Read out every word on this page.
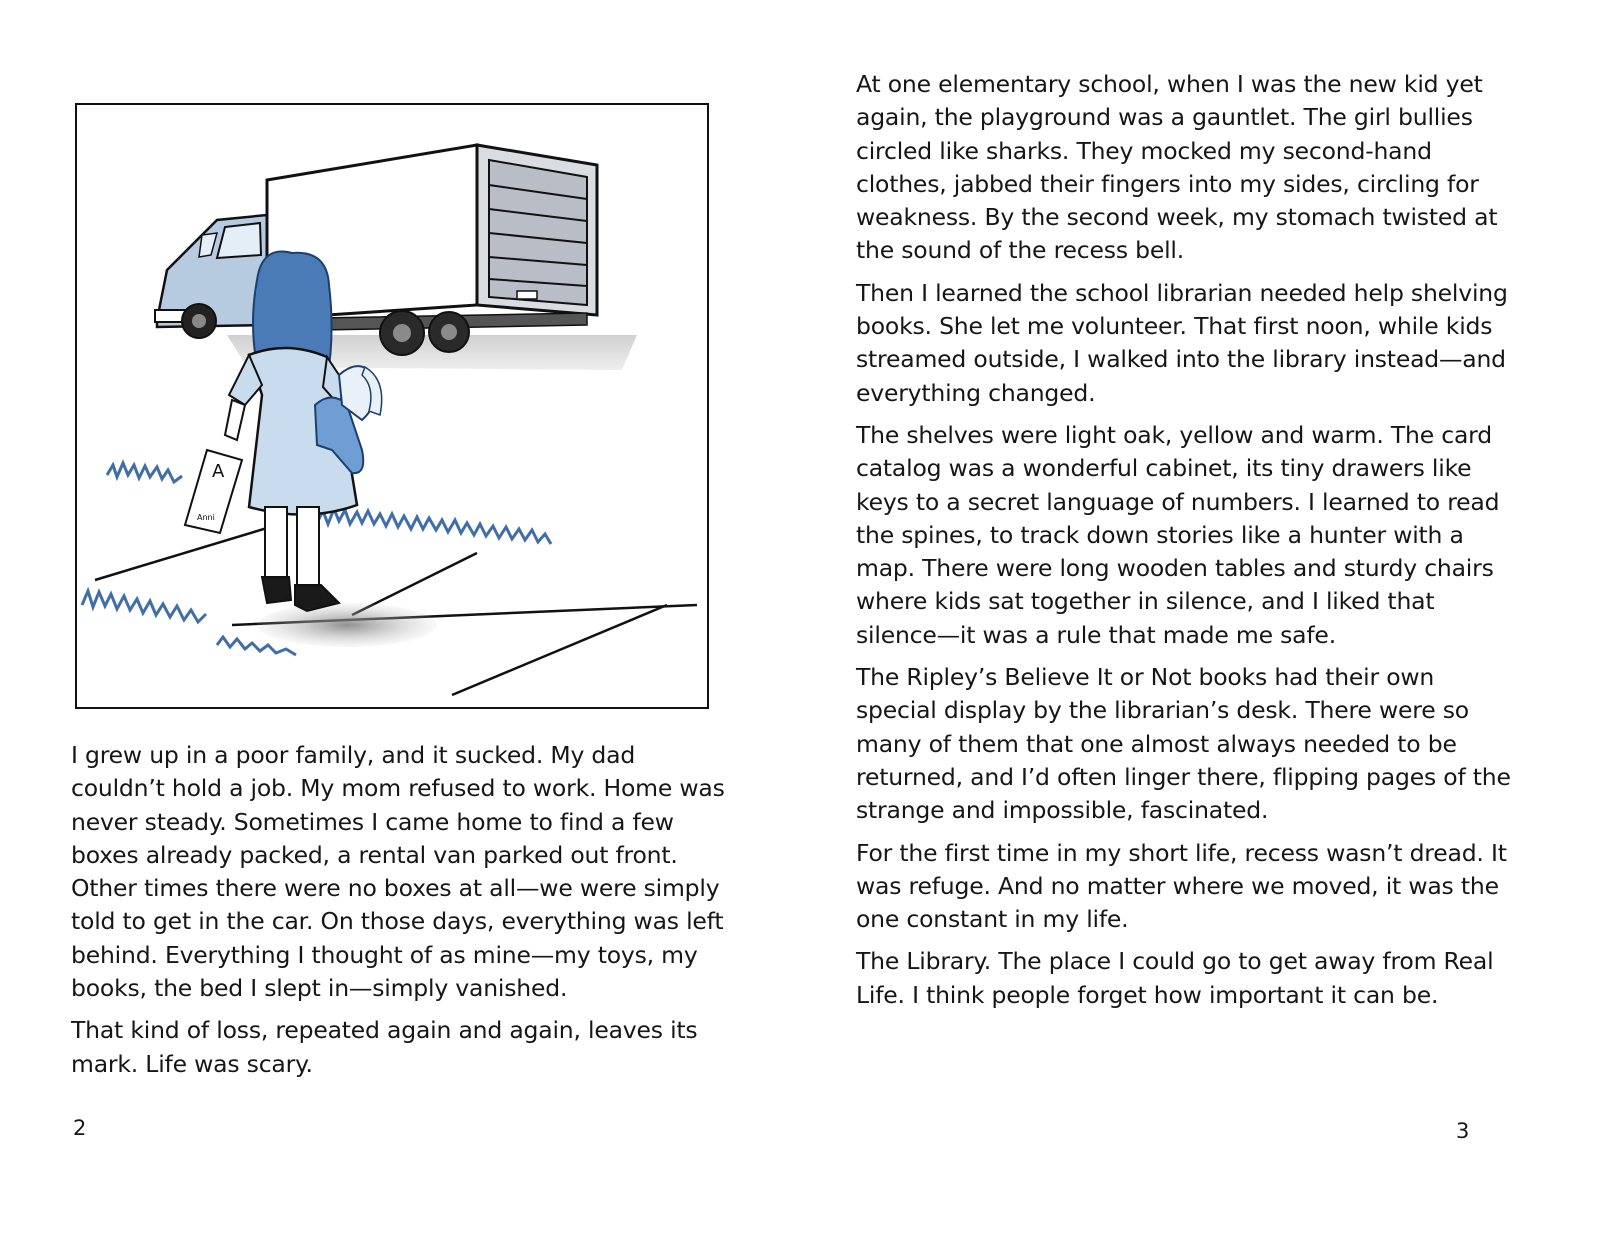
A
Anni

I grew up in a poor family, and it sucked. My dad couldn’t hold a job. My mom refused to work. Home was never steady. Sometimes I came home to find a few boxes already packed, a rental van parked out front. Other times there were no boxes at all—we were simply told to get in the car. On those days, everything was left behind. Everything I thought of as mine—my toys, my books, the bed I slept in—simply vanished.

That kind of loss, repeated again and again, leaves its mark. Life was scary.

2

At one elementary school, when I was the new kid yet again, the playground was a gauntlet. The girl bullies circled like sharks. They mocked my second-hand clothes, jabbed their fingers into my sides, circling for weakness. By the second week, my stomach twisted at the sound of the recess bell.

Then I learned the school librarian needed help shelving books. She let me volunteer. That first noon, while kids streamed outside, I walked into the library instead—and everything changed.

The shelves were light oak, yellow and warm. The card catalog was a wonderful cabinet, its tiny drawers like keys to a secret language of numbers. I learned to read the spines, to track down stories like a hunter with a map. There were long wooden tables and sturdy chairs where kids sat together in silence, and I liked that silence—it was a rule that made me safe.

The Ripley’s Believe It or Not books had their own special display by the librarian’s desk. There were so many of them that one almost always needed to be returned, and I’d often linger there, flipping pages of the strange and impossible, fascinated.

For the first time in my short life, recess wasn’t dread. It was refuge. And no matter where we moved, it was the one constant in my life.

The Library. The place I could go to get away from Real Life. I think people forget how important it can be.

3
